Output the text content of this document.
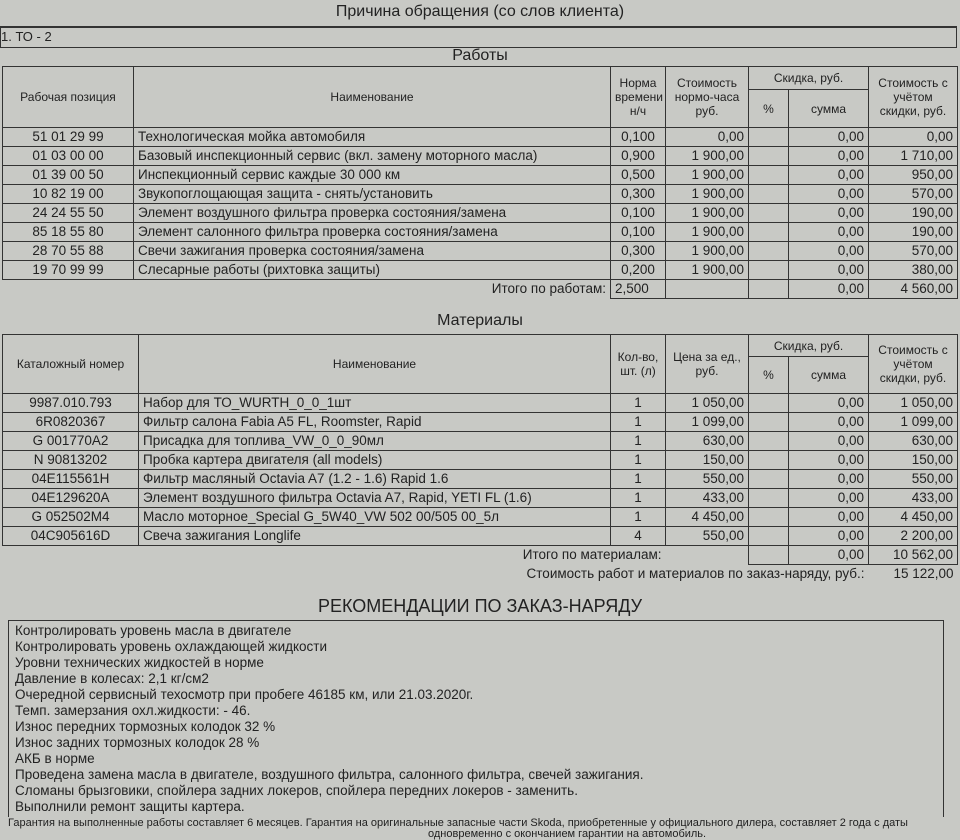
Причина обращения (со слов клиента)
1. ТО - 2
Работы
Рабочая позиция	Наименование	Норма времени н/ч	Стоимость нормо-часа руб.	Скидка, руб.		Стоимость с учётом скидки, руб.
				%	сумма	
51 01 29 99	Технологическая мойка автомобиля	0,100	0,00		0,00	0,00
01 03 00 00	Базовый инспекционный сервис (вкл. замену моторного масла)	0,900	1 900,00		0,00	1 710,00
01 39 00 50	Инспекционный сервис каждые 30 000 км	0,500	1 900,00		0,00	950,00
10 82 19 00	Звукопоглощающая защита - снять/установить	0,300	1 900,00		0,00	570,00
24 24 55 50	Элемент воздушного фильтра проверка состояния/замена	0,100	1 900,00		0,00	190,00
85 18 55 80	Элемент салонного фильтра проверка состояния/замена	0,100	1 900,00		0,00	190,00
28 70 55 88	Свечи зажигания проверка состояния/замена	0,300	1 900,00		0,00	570,00
19 70 99 99	Слесарные работы (рихтовка защиты)	0,200	1 900,00		0,00	380,00
	Итого по работам:	2,500			0,00	4 560,00
Материалы
Каталожный номер	Наименование	Кол-во, шт. (л)	Цена за ед., руб.	Скидка, руб.		Стоимость с учётом скидки, руб.
				%	сумма	
9987.010.793	Набор для ТО_WURTH_0_0_1шт	1	1 050,00		0,00	1 050,00
6R0820367	Фильтр салона Fabia A5 FL, Roomster, Rapid	1	1 099,00		0,00	1 099,00
G 001770A2	Присадка для топлива_VW_0_0_90мл	1	630,00		0,00	630,00
N 90813202	Пробка картера двигателя (all models)	1	150,00		0,00	150,00
04E115561H	Фильтр масляный Octavia A7 (1.2 - 1.6) Rapid 1.6	1	550,00		0,00	550,00
04E129620A	Элемент воздушного фильтра Octavia A7, Rapid, YETI FL (1.6)	1	433,00		0,00	433,00
G 052502M4	Масло моторное_Special G_5W40_VW 502 00/505 00_5л	1	4 450,00		0,00	4 450,00
04C905616D	Свеча зажигания Longlife	4	550,00		0,00	2 200,00
	Итого по материалам:				0,00	10 562,00
	Стоимость работ и материалов по заказ-наряду, руб.:					15 122,00
РЕКОМЕНДАЦИИ ПО ЗАКАЗ-НАРЯДУ
Контролировать уровень масла в двигателе
Контролировать уровень охлаждающей жидкости
Уровни технических жидкостей в норме
Давление в колесах: 2,1 кг/см2
Очередной сервисный техосмотр при пробеге 46185 км, или 21.03.2020г.
Темп. замерзания охл.жидкости: - 46.
Износ передних тормозных колодок 32 %
Износ задних тормозных колодок 28 %
АКБ в норме
Проведена замена масла в двигателе, воздушного фильтра, салонного фильтра, свечей зажигания.
Сломаны брызговики, спойлера задних локеров, спойлера передних локеров - заменить.
Выполнили ремонт защиты картера.
Гарантия на выполненные работы составляет 6 месяцев. Гарантия на оригинальные запасные части Skoda, приобретенные у официального дилера, составляет 2 года с даты
одновременно с окончанием гарантии на автомобиль.
